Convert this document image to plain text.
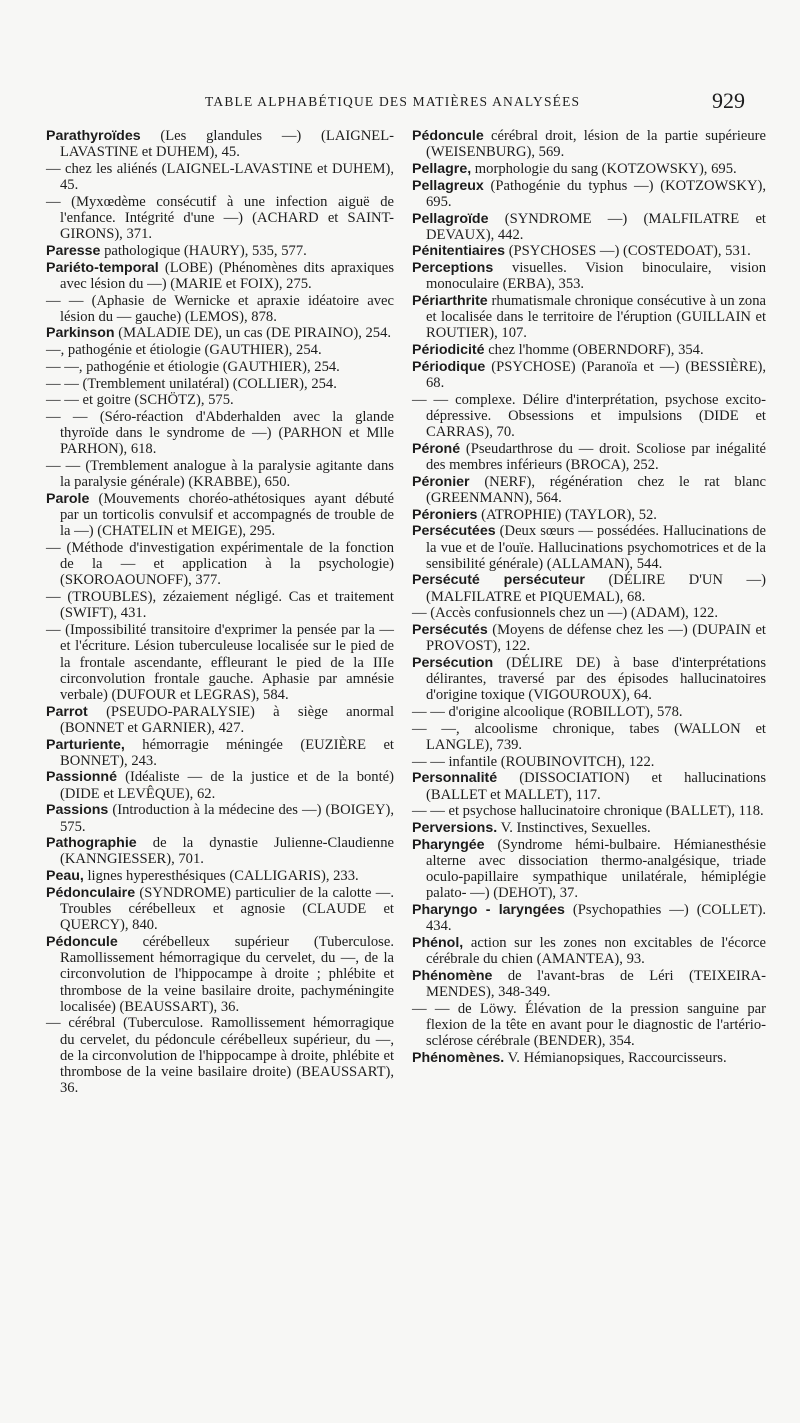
TABLE ALPHABÉTIQUE DES MATIÈRES ANALYSÉES	929

Parathyroïdes (Les glandules —) (LAIGNEL-LAVASTINE et DUHEM), 45.

— chez les aliénés (LAIGNEL-LAVASTINE et DUHEM), 45.

— (Myxœdème consécutif à une infection aiguë de l'enfance. Intégrité d'une —) (ACHARD et SAINT-GIRONS), 371.

Paresse pathologique (HAURY), 535, 577.

Pariéto-temporal (LOBE) (Phénomènes dits apraxiques avec lésion du —) (MARIE et FOIX), 275.

— — (Aphasie de Wernicke et apraxie idéatoire avec lésion du — gauche) (LEMOS), 878.

Parkinson (MALADIE DE), un cas (DE PIRAINO), 254.

—, pathogénie et étiologie (GAUTHIER), 254.

— —, pathogénie et étiologie (GAUTHIER), 254.

— — (Tremblement unilatéral) (COLLIER), 254.

— — et goitre (SCHÖTZ), 575.

— — (Séro-réaction d'Abderhalden avec la glande thyroïde dans le syndrome de —) (PARHON et Mlle PARHON), 618.

— — (Tremblement analogue à la paralysie agitante dans la paralysie générale) (KRABBE), 650.

Parole (Mouvements choréo-athétosiques ayant débuté par un torticolis convulsif et accompagnés de trouble de la —) (CHATELIN et MEIGE), 295.

— (Méthode d'investigation expérimentale de la fonction de la — et application à la psychologie) (SKOROAOUNOFF), 377.

— (TROUBLES), zézaiement négligé. Cas et traitement (SWIFT), 431.

— (Impossibilité transitoire d'exprimer la pensée par la — et l'écriture. Lésion tuberculeuse localisée sur le pied de la frontale ascendante, effleurant le pied de la IIIe circonvolution frontale gauche. Aphasie par amnésie verbale) (DUFOUR et LEGRAS), 584.

Parrot (PSEUDO-PARALYSIE) à siège anormal (BONNET et GARNIER), 427.

Parturiente, hémorragie méningée (EUZIÈRE et BONNET), 243.

Passionné (Idéaliste — de la justice et de la bonté) (DIDE et LEVÊQUE), 62.

Passions (Introduction à la médecine des —) (BOIGEY), 575.

Pathographie de la dynastie Julienne-Claudienne (KANNGIESSER), 701.

Peau, lignes hyperesthésiques (CALLIGARIS), 233.

Pédonculaire (SYNDROME) particulier de la calotte —. Troubles cérébelleux et agnosie (CLAUDE et QUERCY), 840.

Pédoncule cérébelleux supérieur (Tuberculose. Ramollissement hémorragique du cervelet, du —, de la circonvolution de l'hippocampe à droite ; phlébite et thrombose de la veine basilaire droite, pachyméningite localisée) (BEAUSSART), 36.

— cérébral (Tuberculose. Ramollissement hémorragique du cervelet, du pédoncule cérébelleux supérieur, du —, de la circonvolution de l'hippocampe à droite, phlébite et thrombose de la veine basilaire droite) (BEAUSSART), 36.

Pédoncule cérébral droit, lésion de la partie supérieure (WEISENBURG), 569.

Pellagre, morphologie du sang (KOTZOWSKY), 695.

Pellagreux (Pathogénie du typhus —) (KOTZOWSKY), 695.

Pellagroïde (SYNDROME —) (MALFILATRE et DEVAUX), 442.

Pénitentiaires (PSYCHOSES —) (COSTEDOAT), 531.

Perceptions visuelles. Vision binoculaire, vision monoculaire (ERBA), 353.

Périarthrite rhumatismale chronique consécutive à un zona et localisée dans le territoire de l'éruption (GUILLAIN et ROUTIER), 107.

Périodicité chez l'homme (OBERNDORF), 354.

Périodique (PSYCHOSE) (Paranoïa et —) (BESSIÈRE), 68.

— — complexe. Délire d'interprétation, psychose excito-dépressive. Obsessions et impulsions (DIDE et CARRAS), 70.

Péroné (Pseudarthrose du — droit. Scoliose par inégalité des membres inférieurs (BROCA), 252.

Péronier (NERF), régénération chez le rat blanc (GREENMANN), 564.

Péroniers (ATROPHIE) (TAYLOR), 52.

Persécutées (Deux sœurs — possédées. Hallucinations de la vue et de l'ouïe. Hallucinations psychomotrices et de la sensibilité générale) (ALLAMAN), 544.

Persécuté persécuteur (DÉLIRE D'UN —) (MALFILATRE et PIQUEMAL), 68.

— (Accès confusionnels chez un —) (ADAM), 122.

Persécutés (Moyens de défense chez les —) (DUPAIN et PROVOST), 122.

Persécution (DÉLIRE DE) à base d'interprétations délirantes, traversé par des épisodes hallucinatoires d'origine toxique (VIGOUROUX), 64.

— — d'origine alcoolique (ROBILLOT), 578.

— —, alcoolisme chronique, tabes (WALLON et LANGLE), 739.

— — infantile (ROUBINOVITCH), 122.

Personnalité (DISSOCIATION) et hallucinations (BALLET et MALLET), 117.

— — et psychose hallucinatoire chronique (BALLET), 118.

Perversions. V. Instinctives, Sexuelles.

Pharyngée (Syndrome hémi-bulbaire. Hémianesthésie alterne avec dissociation thermo-analgésique, triade oculo-papillaire sympathique unilatérale, hémiplégie palato- —) (DEHOT), 37.

Pharyngo - laryngées (Psychopathies —) (COLLET). 434.

Phénol, action sur les zones non excitables de l'écorce cérébrale du chien (AMANTEA), 93.

Phénomène de l'avant-bras de Léri (TEIXEIRA-MENDES), 348-349.

— — de Löwy. Élévation de la pression sanguine par flexion de la tête en avant pour le diagnostic de l'artério-sclérose cérébrale (BENDER), 354.

Phénomènes. V. Hémianopsiques, Raccourcisseurs.
